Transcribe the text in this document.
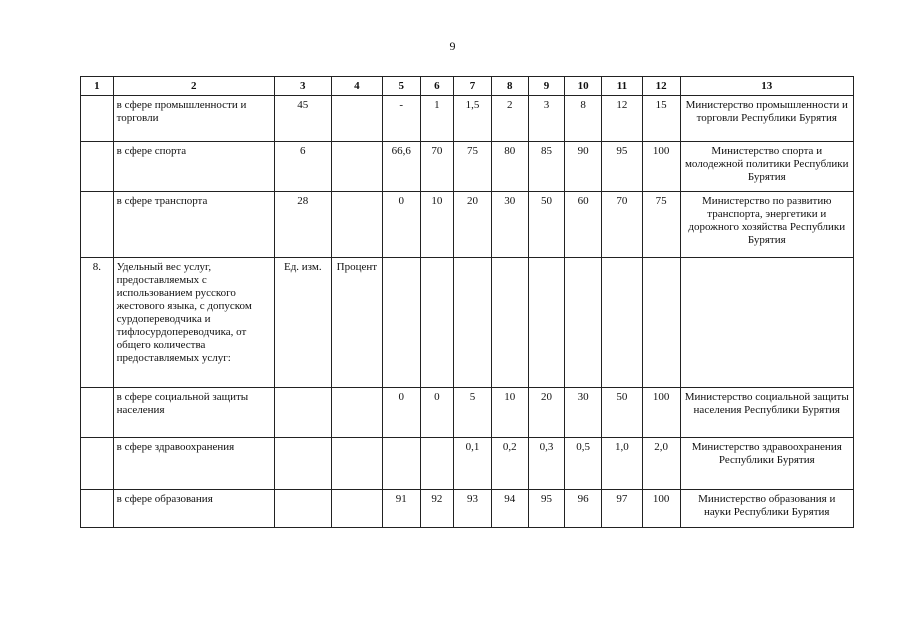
9
1	2	3	4	5	6	7	8	9	10	11	12	13
	в сфере промышленности и торговли	45		-	1	1,5	2	3	8	12	15	Министерство промышленности и торговли Республики Бурятия
	в сфере спорта	6		66,6	70	75	80	85	90	95	100	Министерство спорта и молодежной политики Республики Бурятия
	в сфере транспорта	28		0	10	20	30	50	60	70	75	Министерство по развитию транспорта, энергетики и дорожного хозяйства Республики Бурятия
8.	Удельный вес услуг, предоставляемых с использованием русского жестового языка, с допуском сурдопереводчика и тифлосурдопереводчика, от общего количества предоставляемых услуг:	Ед. изм.	Процент									
	в сфере социальной защиты населения			0	0	5	10	20	30	50	100	Министерство социальной защиты населения Республики Бурятия
	в сфере здравоохранения					0,1	0,2	0,3	0,5	1,0	2,0	Министерство здравоохранения Республики Бурятия
	в сфере образования			91	92	93	94	95	96	97	100	Министерство образования и науки Республики Бурятия
